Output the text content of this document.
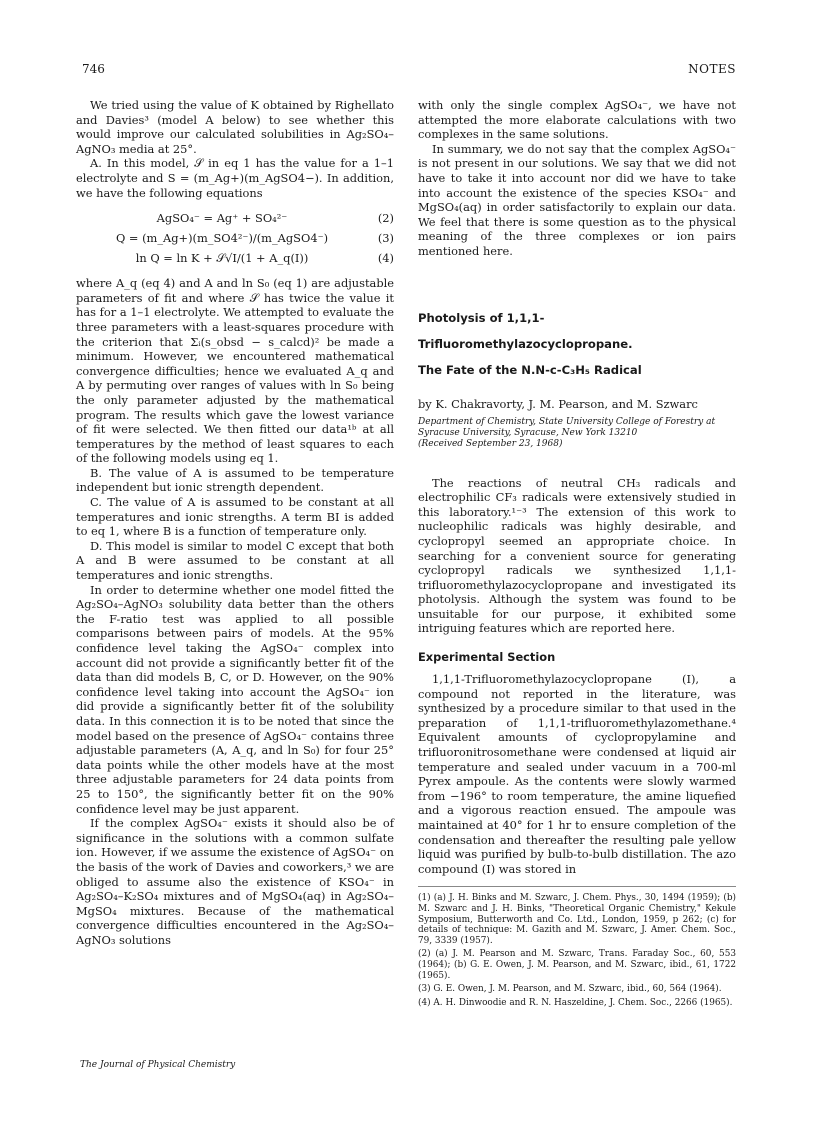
746	NOTES

We tried using the value of K obtained by Righellato and Davies³ (model A below) to see whether this would improve our calculated solubilities in Ag₂SO₄–AgNO₃ media at 25°.

A. In this model, 𝒮 in eq 1 has the value for a 1–1 electrolyte and S = (m_Ag+)(m_AgSO4−). In addition, we have the following equations

AgSO₄⁻ = Ag⁺ + SO₄²⁻	(2)
Q = (m_Ag+)(m_SO4²⁻)/(m_AgSO4⁻)	(3)
ln Q = ln K + 𝒮√I/(1 + A_q(I))	(4)

where A_q (eq 4) and A and ln S₀ (eq 1) are adjustable parameters of fit and where 𝒮 has twice the value it has for a 1–1 electrolyte. We attempted to evaluate the three parameters with a least-squares procedure with the criterion that Σᵢ(s_obsd − s_calcd)² be made a minimum. However, we encountered mathematical convergence difficulties; hence we evaluated A_q and A by permuting over ranges of values with ln S₀ being the only parameter adjusted by the mathematical program. The results which gave the lowest variance of fit were selected. We then fitted our data¹ᵇ at all temperatures by the method of least squares to each of the following models using eq 1.

B. The value of A is assumed to be temperature independent but ionic strength dependent.

C. The value of A is assumed to be constant at all temperatures and ionic strengths. A term BI is added to eq 1, where B is a function of temperature only.

D. This model is similar to model C except that both A and B were assumed to be constant at all temperatures and ionic strengths.

In order to determine whether one model fitted the Ag₂SO₄–AgNO₃ solubility data better than the others the F-ratio test was applied to all possible comparisons between pairs of models. At the 95% confidence level taking the AgSO₄⁻ complex into account did not provide a significantly better fit of the data than did models B, C, or D. However, on the 90% confidence level taking into account the AgSO₄⁻ ion did provide a significantly better fit of the solubility data. In this connection it is to be noted that since the model based on the presence of AgSO₄⁻ contains three adjustable parameters (A, A_q, and ln S₀) for four 25° data points while the other models have at the most three adjustable parameters for 24 data points from 25 to 150°, the significantly better fit on the 90% confidence level may be just apparent.

If the complex AgSO₄⁻ exists it should also be of significance in the solutions with a common sulfate ion. However, if we assume the existence of AgSO₄⁻ on the basis of the work of Davies and coworkers,³ we are obliged to assume also the existence of KSO₄⁻ in Ag₂SO₄–K₂SO₄ mixtures and of MgSO₄(aq) in Ag₂SO₄–MgSO₄ mixtures. Because of the mathematical convergence difficulties encountered in the Ag₂SO₄–AgNO₃ solutions

with only the single complex AgSO₄⁻, we have not attempted the more elaborate calculations with two complexes in the same solutions.

In summary, we do not say that the complex AgSO₄⁻ is not present in our solutions. We say that we did not have to take it into account nor did we have to take into account the existence of the species KSO₄⁻ and MgSO₄(aq) in order satisfactorily to explain our data. We feel that there is some question as to the physical meaning of the three complexes or ion pairs mentioned here.

Photolysis of 1,1,1-Trifluoromethylazocyclopropane.
The Fate of the N.N-c-C₃H₅ Radical
by K. Chakravorty, J. M. Pearson, and M. Szwarc
Department of Chemistry, State University College of Forestry at Syracuse University, Syracuse, New York 13210
(Received September 23, 1968)

The reactions of neutral CH₃ radicals and electrophilic CF₃ radicals were extensively studied in this laboratory.¹⁻³ The extension of this work to nucleophilic radicals was highly desirable, and cyclopropyl seemed an appropriate choice. In searching for a convenient source for generating cyclopropyl radicals we synthesized 1,1,1-trifluoromethylazocyclopropane and investigated its photolysis. Although the system was found to be unsuitable for our purpose, it exhibited some intriguing features which are reported here.

Experimental Section

1,1,1-Trifluoromethylazocyclopropane (I), a compound not reported in the literature, was synthesized by a procedure similar to that used in the preparation of 1,1,1-trifluoromethylazomethane.⁴ Equivalent amounts of cyclopropylamine and trifluoronitrosomethane were condensed at liquid air temperature and sealed under vacuum in a 700-ml Pyrex ampoule. As the contents were slowly warmed from −196° to room temperature, the amine liquefied and a vigorous reaction ensued. The ampoule was maintained at 40° for 1 hr to ensure completion of the condensation and thereafter the resulting pale yellow liquid was purified by bulb-to-bulb distillation. The azo compound (I) was stored in

(1) (a) J. H. Binks and M. Szwarc, J. Chem. Phys., 30, 1494 (1959); (b) M. Szwarc and J. H. Binks, "Theoretical Organic Chemistry," Kekule Symposium, Butterworth and Co. Ltd., London, 1959, p 262; (c) for details of technique: M. Gazith and M. Szwarc, J. Amer. Chem. Soc., 79, 3339 (1957).

(2) (a) J. M. Pearson and M. Szwarc, Trans. Faraday Soc., 60, 553 (1964); (b) G. E. Owen, J. M. Pearson, and M. Szwarc, ibid., 61, 1722 (1965).

(3) G. E. Owen, J. M. Pearson, and M. Szwarc, ibid., 60, 564 (1964).

(4) A. H. Dinwoodie and R. N. Haszeldine, J. Chem. Soc., 2266 (1965).

The Journal of Physical Chemistry
